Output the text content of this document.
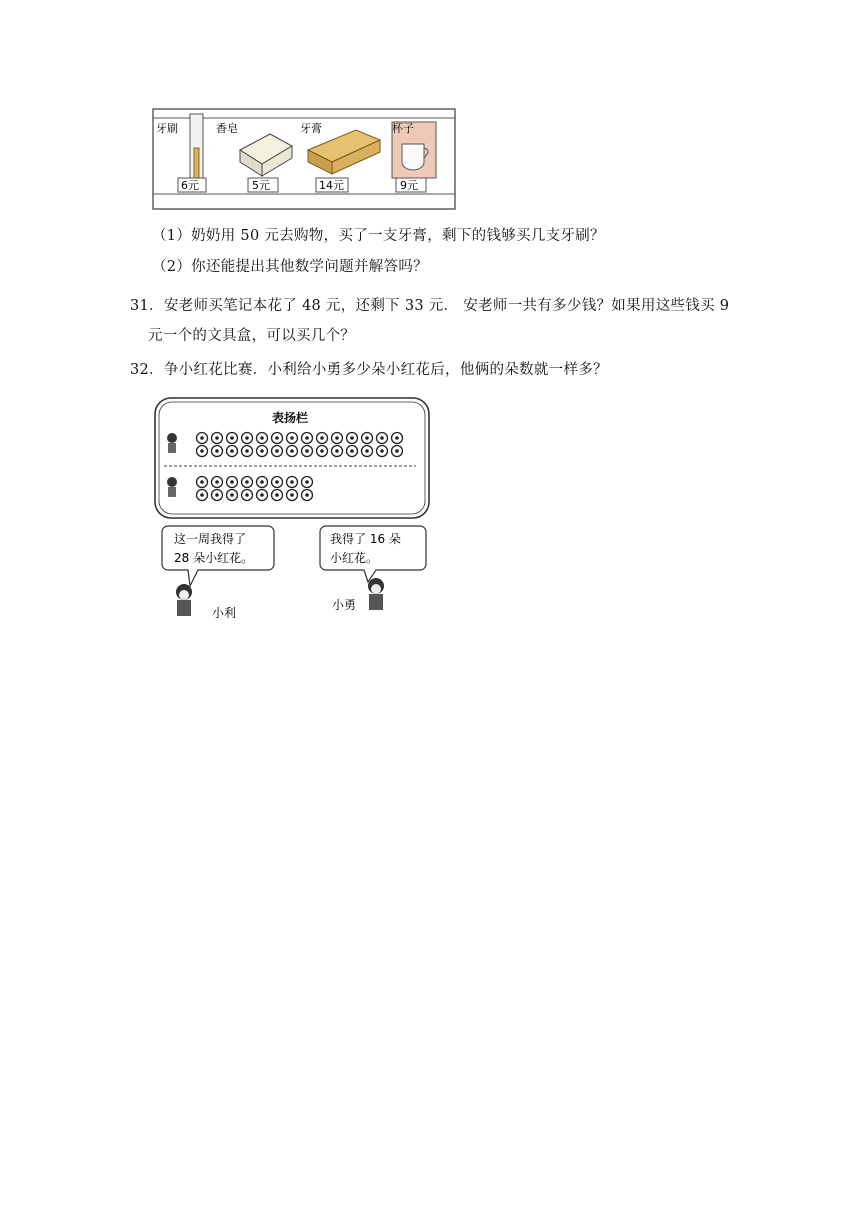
牙刷	香皂	牙膏	杯子
6元	5元	14元	9元
（1）奶奶用 50 元去购物，买了一支牙膏，剩下的钱够买几支牙刷？
（2）你还能提出其他数学问题并解答吗？
31．安老师买笔记本花了 48 元，还剩下 33 元． 安老师一共有多少钱？如果用这些钱买 9
元一个的文具盒，可以买几个？
32．争小红花比赛．小利给小勇多少朵小红花后，他俩的朵数就一样多？
表扬栏
这一周我得了
28 朵小红花。
我得了 16 朵
小红花。
小利
小勇
